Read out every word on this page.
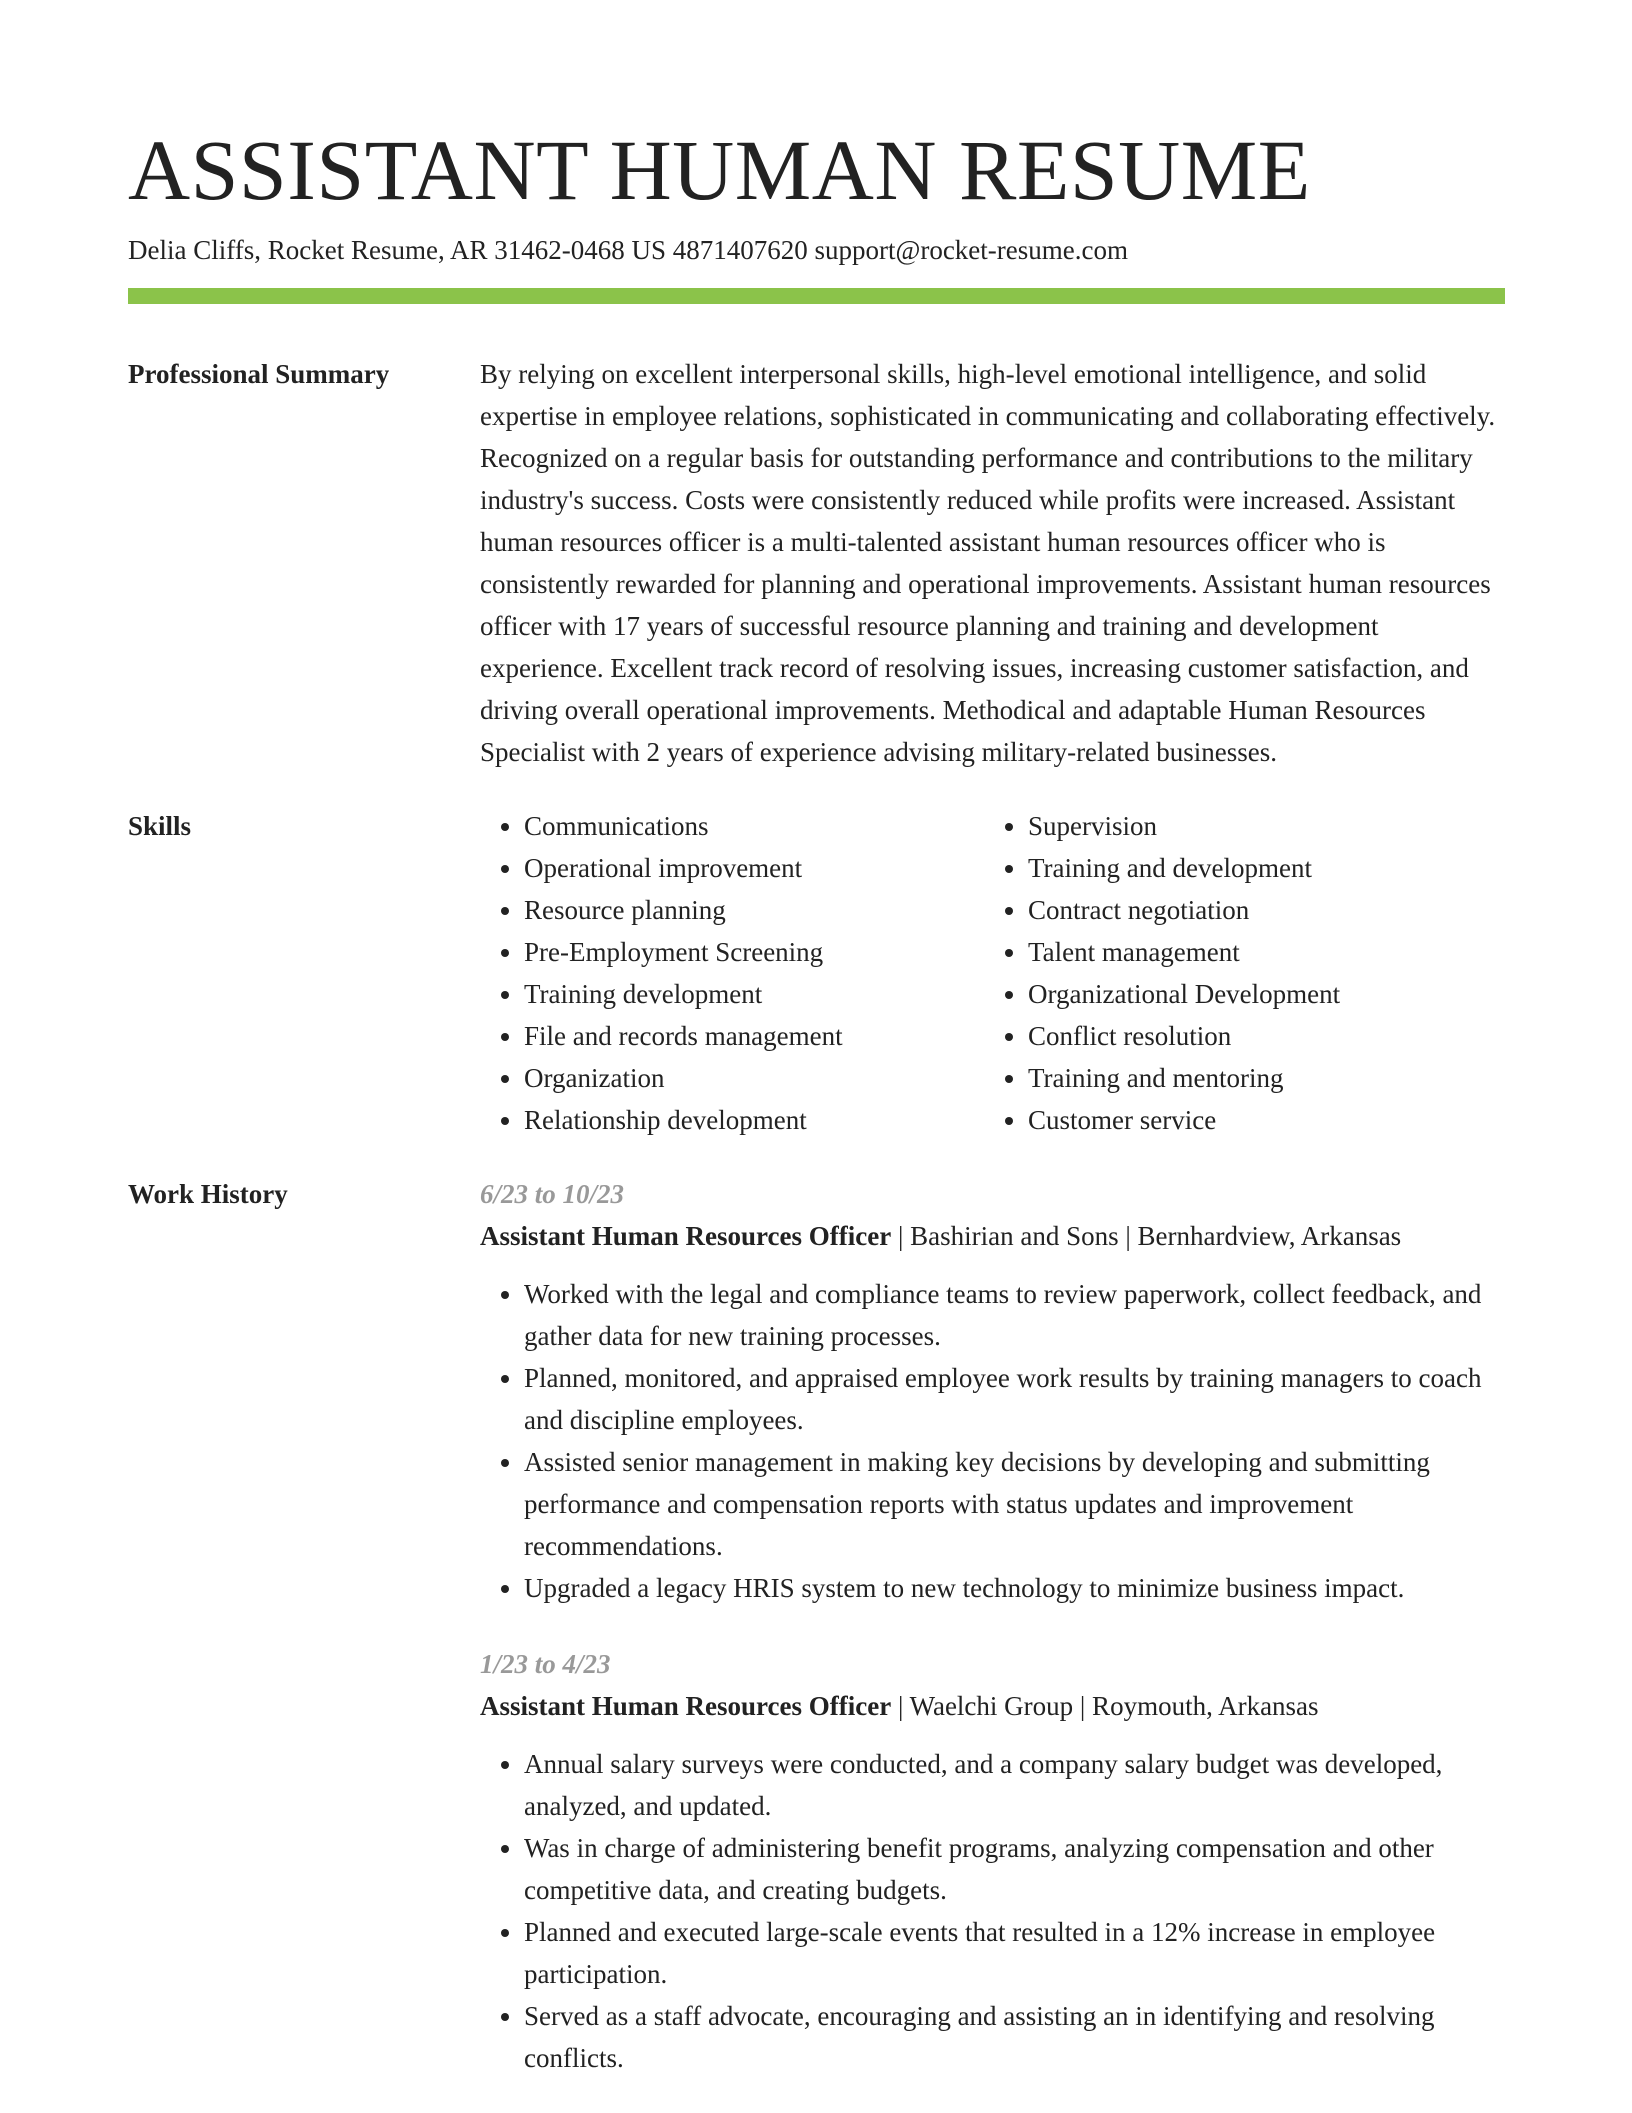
ASSISTANT HUMAN RESUME
Delia Cliffs, Rocket Resume, AR 31462-0468 US 4871407620 support@rocket-resume.com
Professional Summary	By relying on excellent interpersonal skills, high-level emotional intelligence, and solid expertise in employee relations, sophisticated in communicating and collaborating effectively. Recognized on a regular basis for outstanding performance and contributions to the military industry's success. Costs were consistently reduced while profits were increased. Assistant human resources officer is a multi-talented assistant human resources officer who is consistently rewarded for planning and operational improvements. Assistant human resources officer with 17 years of successful resource planning and training and development experience. Excellent track record of resolving issues, increasing customer satisfaction, and driving overall operational improvements. Methodical and adaptable Human Resources Specialist with 2 years of experience advising military-related businesses.

Skills
•	Communications
• Operational improvement
• Resource planning
• Pre-Employment Screening
• Training development
• File and records management
• Organization
• Relationship development
• Supervision
• Training and development
• Contract negotiation
• Talent management
• Organizational Development
• Conflict resolution
• Training and mentoring
• Customer service
Work History	6/23 to 10/23
Assistant Human Resources Officer | Bashirian and Sons | Bernhardview, Arkansas
• Worked with the legal and compliance teams to review paperwork, collect feedback, and gather data for new training processes.
• Planned, monitored, and appraised employee work results by training managers to coach and discipline employees.
• Assisted senior management in making key decisions by developing and submitting performance and compensation reports with status updates and improvement recommendations.
• Upgraded a legacy HRIS system to new technology to minimize business impact.
1/23 to 4/23
Assistant Human Resources Officer | Waelchi Group | Roymouth, Arkansas
• Annual salary surveys were conducted, and a company salary budget was developed, analyzed, and updated.
• Was in charge of administering benefit programs, analyzing compensation and other competitive data, and creating budgets.
• Planned and executed large-scale events that resulted in a 12% increase in employee participation.
• Served as a staff advocate, encouraging and assisting an in identifying and resolving conflicts.
